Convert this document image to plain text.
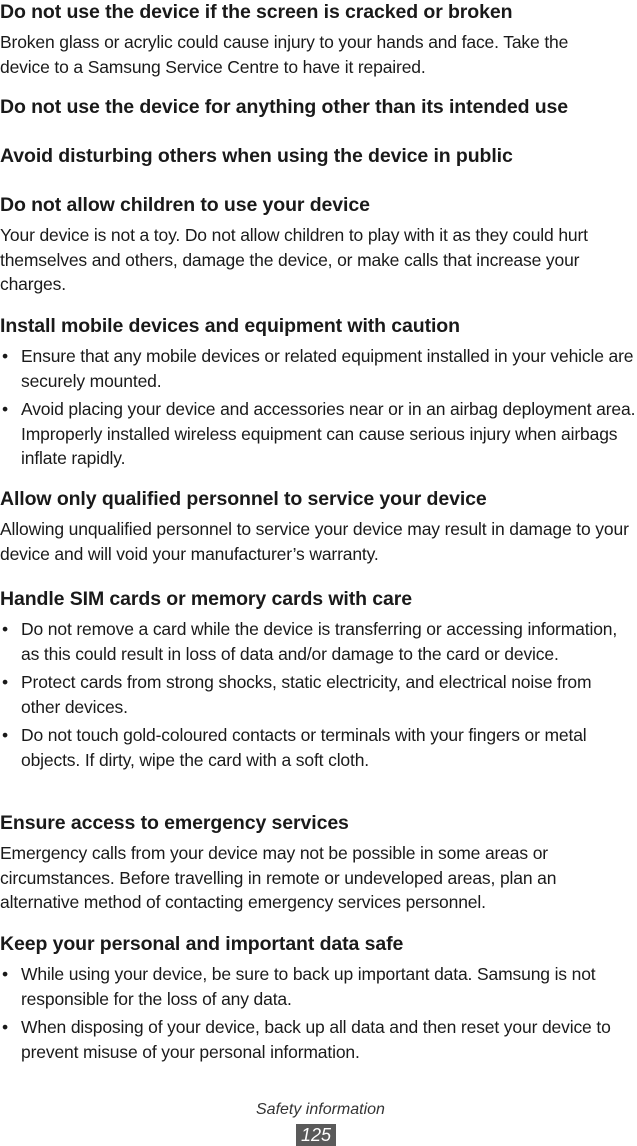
Do not use the device if the screen is cracked or broken
Broken glass or acrylic could cause injury to your hands and face. Take the device to a Samsung Service Centre to have it repaired.
Do not use the device for anything other than its intended use
Avoid disturbing others when using the device in public
Do not allow children to use your device
Your device is not a toy. Do not allow children to play with it as they could hurt themselves and others, damage the device, or make calls that increase your charges.
Install mobile devices and equipment with caution
• Ensure that any mobile devices or related equipment installed in your vehicle are securely mounted.
• Avoid placing your device and accessories near or in an airbag deployment area. Improperly installed wireless equipment can cause serious injury when airbags inflate rapidly.
Allow only qualified personnel to service your device
Allowing unqualified personnel to service your device may result in damage to your device and will void your manufacturer’s warranty.
Handle SIM cards or memory cards with care
• Do not remove a card while the device is transferring or accessing information, as this could result in loss of data and/or damage to the card or device.
• Protect cards from strong shocks, static electricity, and electrical noise from other devices.
• Do not touch gold-coloured contacts or terminals with your fingers or metal objects. If dirty, wipe the card with a soft cloth.
Ensure access to emergency services
Emergency calls from your device may not be possible in some areas or circumstances. Before travelling in remote or undeveloped areas, plan an alternative method of contacting emergency services personnel.
Keep your personal and important data safe
• While using your device, be sure to back up important data. Samsung is not responsible for the loss of any data.
• When disposing of your device, back up all data and then reset your device to prevent misuse of your personal information.
Safety information
125
